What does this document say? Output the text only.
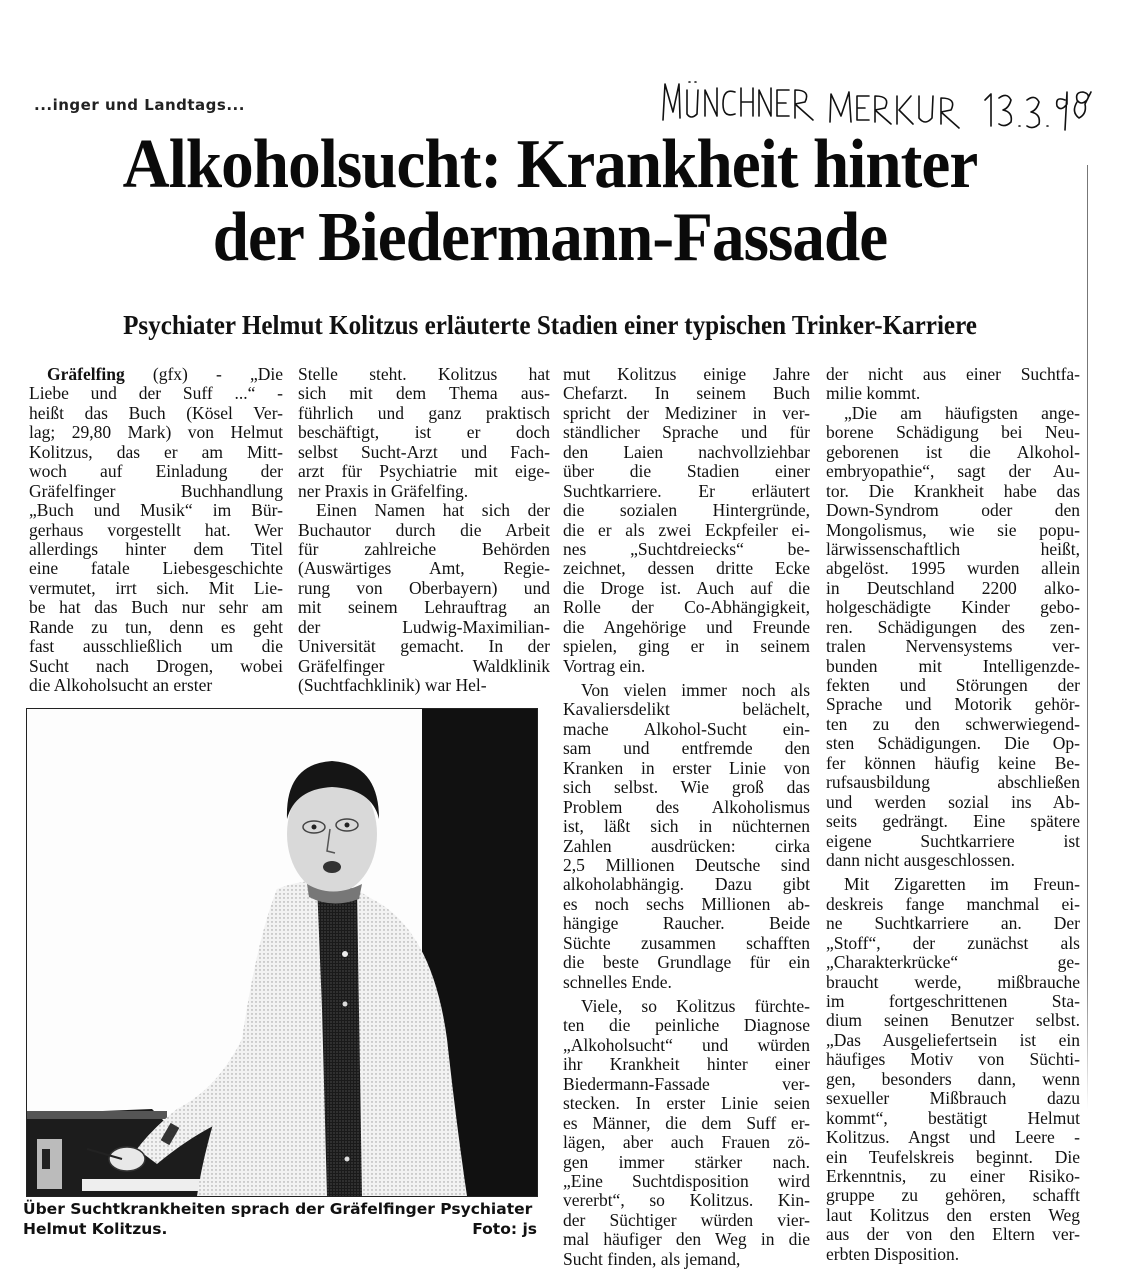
...inger und Landtags...
MÜNCHNER MERKUR 13.3.98
Alkoholsucht: Krankheit hinter
der Biedermann-Fassade
Psychiater Helmut Kolitzus erläuterte Stadien einer typischen Trinker-Karriere
Gräfelfing (gfx) - „Die
Liebe und der Suff ...“ -
heißt das Buch (Kösel Ver-
lag; 29,80 Mark) von Helmut
Kolitzus, das er am Mitt-
woch auf Einladung der
Gräfelfinger Buchhandlung
„Buch und Musik“ im Bür-
gerhaus vorgestellt hat. Wer
allerdings hinter dem Titel
eine fatale Liebesgeschichte
vermutet, irrt sich. Mit Lie-
be hat das Buch nur sehr am
Rande zu tun, denn es geht
fast ausschließlich um die
Sucht nach Drogen, wobei
die Alkoholsucht an erster
Stelle steht. Kolitzus hat
sich mit dem Thema aus-
führlich und ganz praktisch
beschäftigt, ist er doch
selbst Sucht-Arzt und Fach-
arzt für Psychiatrie mit eige-
ner Praxis in Gräfelfing.
Einen Namen hat sich der
Buchautor durch die Arbeit
für zahlreiche Behörden
(Auswärtiges Amt, Regie-
rung von Oberbayern) und
mit seinem Lehrauftrag an
der Ludwig-Maximilian-
Universität gemacht. In der
Gräfelfinger Waldklinik
(Suchtfachklinik) war Hel-
mut Kolitzus einige Jahre
Chefarzt. In seinem Buch
spricht der Mediziner in ver-
ständlicher Sprache und für
den Laien nachvollziehbar
über die Stadien einer
Suchtkarriere. Er erläutert
die sozialen Hintergründe,
die er als zwei Eckpfeiler ei-
nes „Suchtdreiecks“ be-
zeichnet, dessen dritte Ecke
die Droge ist. Auch auf die
Rolle der Co-Abhängigkeit,
die Angehörige und Freunde
spielen, ging er in seinem
Vortrag ein.
Von vielen immer noch als
Kavaliersdelikt belächelt,
mache Alkohol-Sucht ein-
sam und entfremde den
Kranken in erster Linie von
sich selbst. Wie groß das
Problem des Alkoholismus
ist, läßt sich in nüchternen
Zahlen ausdrücken: cirka
2,5 Millionen Deutsche sind
alkoholabhängig. Dazu gibt
es noch sechs Millionen ab-
hängige Raucher. Beide
Süchte zusammen schafften
die beste Grundlage für ein
schnelles Ende.
Viele, so Kolitzus fürchte-
ten die peinliche Diagnose
„Alkoholsucht“ und würden
ihr Krankheit hinter einer
Biedermann-Fassade ver-
stecken. In erster Linie seien
es Männer, die dem Suff er-
lägen, aber auch Frauen zö-
gen immer stärker nach.
„Eine Suchtdisposition wird
vererbt“, so Kolitzus. Kin-
der Süchtiger würden vier-
mal häufiger den Weg in die
Sucht finden, als jemand,
der nicht aus einer Suchtfa-
milie kommt.
„Die am häufigsten ange-
borene Schädigung bei Neu-
geborenen ist die Alkohol-
embryopathie“, sagt der Au-
tor. Die Krankheit habe das
Down-Syndrom oder den
Mongolismus, wie sie popu-
lärwissenschaftlich heißt,
abgelöst. 1995 wurden allein
in Deutschland 2200 alko-
holgeschädigte Kinder gebo-
ren. Schädigungen des zen-
tralen Nervensystems ver-
bunden mit Intelligenzde-
fekten und Störungen der
Sprache und Motorik gehör-
ten zu den schwerwiegend-
sten Schädigungen. Die Op-
fer können häufig keine Be-
rufsausbildung abschließen
und werden sozial ins Ab-
seits gedrängt. Eine spätere
eigene Suchtkarriere ist
dann nicht ausgeschlossen.
Mit Zigaretten im Freun-
deskreis fange manchmal ei-
ne Suchtkarriere an. Der
„Stoff“, der zunächst als
„Charakterkrücke“ ge-
braucht werde, mißbrauche
im fortgeschrittenen Sta-
dium seinen Benutzer selbst.
„Das Ausgeliefertsein ist ein
häufiges Motiv von Süchti-
gen, besonders dann, wenn
sexueller Mißbrauch dazu
kommt“, bestätigt Helmut
Kolitzus. Angst und Leere -
ein Teufelskreis beginnt. Die
Erkenntnis, zu einer Risiko-
gruppe zu gehören, schafft
laut Kolitzus den ersten Weg
aus der von den Eltern ver-
erbten Disposition.
Über Suchtkrankheiten sprach der Gräfelfinger Psychiater Helmut Kolitzus.	Foto: js
